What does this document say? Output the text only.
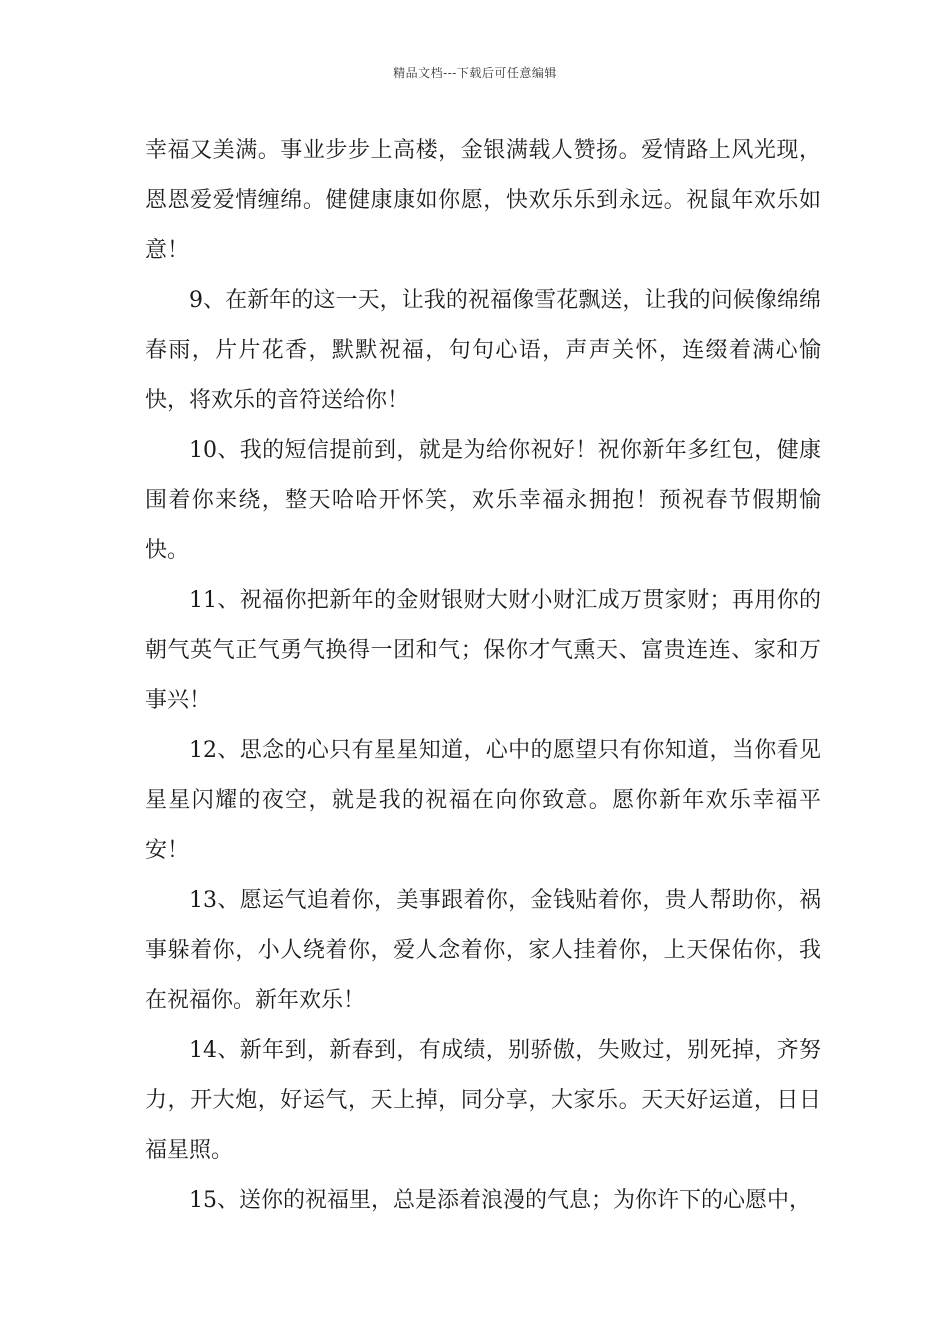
精品文档---下载后可任意编辑

幸福又美满。事业步步上高楼，金银满载人赞扬。爱情路上风光现，恩恩爱爱情缠绵。健健康康如你愿，快欢乐乐到永远。祝鼠年欢乐如意！

9、在新年的这一天，让我的祝福像雪花飘送，让我的问候像绵绵春雨，片片花香，默默祝福，句句心语，声声关怀，连缀着满心愉快，将欢乐的音符送给你！

10、我的短信提前到，就是为给你祝好！祝你新年多红包，健康围着你来绕，整天哈哈开怀笑，欢乐幸福永拥抱！预祝春节假期愉快。

11、祝福你把新年的金财银财大财小财汇成万贯家财；再用你的朝气英气正气勇气换得一团和气；保你才气熏天、富贵连连、家和万事兴！

12、思念的心只有星星知道，心中的愿望只有你知道，当你看见星星闪耀的夜空，就是我的祝福在向你致意。愿你新年欢乐幸福平安！

13、愿运气追着你，美事跟着你，金钱贴着你，贵人帮助你，祸事躲着你，小人绕着你，爱人念着你，家人挂着你，上天保佑你，我在祝福你。新年欢乐！

14、新年到，新春到，有成绩，别骄傲，失败过，别死掉，齐努力，开大炮，好运气，天上掉，同分享，大家乐。天天好运道，日日福星照。

15、送你的祝福里，总是添着浪漫的气息；为你许下的心愿中，
